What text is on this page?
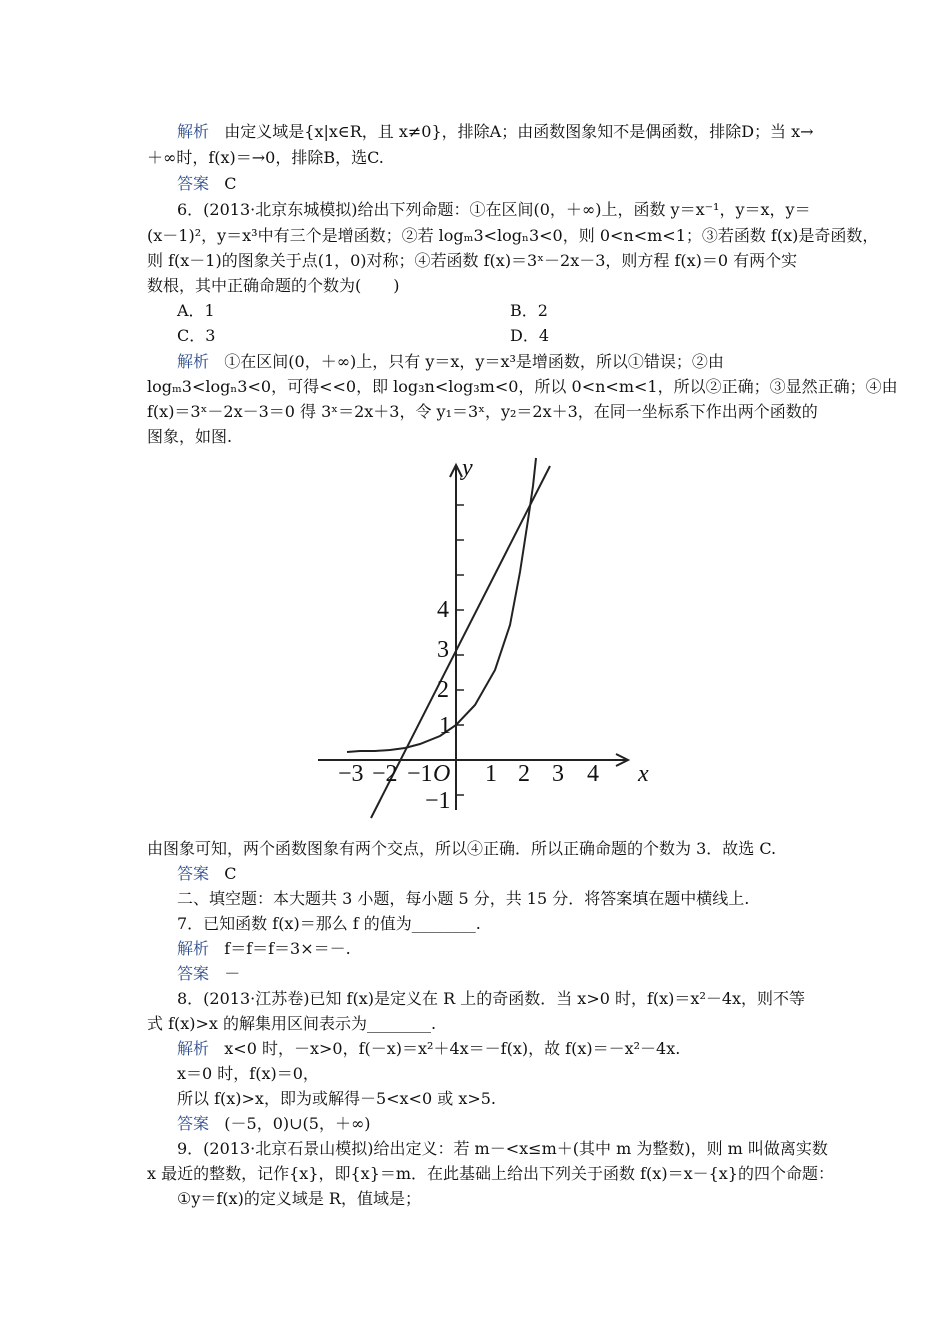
解析 由定义域是{x|x∈R，且 x≠0}，排除A；由函数图象知不是偶函数，排除D；当 x→
＋∞时，f(x)＝→0，排除B，选C.
答案 C
6．(2013·北京东城模拟)给出下列命题：①在区间(0，＋∞)上，函数 y＝x⁻¹，y＝x，y＝
(x－1)²，y＝x³中有三个是增函数；②若 logₘ3<logₙ3<0，则 0<n<m<1；③若函数 f(x)是奇函数，
则 f(x－1)的图象关于点(1，0)对称；④若函数 f(x)＝3ˣ－2x－3，则方程 f(x)＝0 有两个实
数根，其中正确命题的个数为(　　)
A．1	B．2
C．3	D．4
解析 ①在区间(0，＋∞)上，只有 y＝x，y＝x³是增函数，所以①错误；②由
logₘ3<logₙ3<0，可得<<0，即 log₃n<log₃m<0，所以 0<n<m<1，所以②正确；③显然正确；④由
f(x)＝3ˣ－2x－3＝0 得 3ˣ＝2x＋3，令 y₁＝3ˣ，y₂＝2x＋3，在同一坐标系下作出两个函数的
图象，如图.
−3 −2 −1 O 1 2 3 4 x
1
2
3
4
−1
y
由图象可知，两个函数图象有两个交点，所以④正确．所以正确命题的个数为 3．故选 C.
答案 C
二、填空题：本大题共 3 小题，每小题 5 分，共 15 分．将答案填在题中横线上.
7．已知函数 f(x)＝那么 f 的值为________.
解析 f＝f＝f＝3×＝－.
答案 －
8．(2013·江苏卷)已知 f(x)是定义在 R 上的奇函数．当 x>0 时，f(x)＝x²－4x，则不等
式 f(x)>x 的解集用区间表示为________.
解析 x<0 时，－x>0，f(－x)＝x²＋4x＝－f(x)，故 f(x)＝－x²－4x.
x＝0 时，f(x)＝0，
所以 f(x)>x，即为或解得－5<x<0 或 x>5.
答案 (－5，0)∪(5，＋∞)
9．(2013·北京石景山模拟)给出定义：若 m－<x≤m＋(其中 m 为整数)，则 m 叫做离实数
x 最近的整数，记作{x}，即{x}＝m．在此基础上给出下列关于函数 f(x)＝x－{x}的四个命题：
①y＝f(x)的定义域是 R，值域是；
